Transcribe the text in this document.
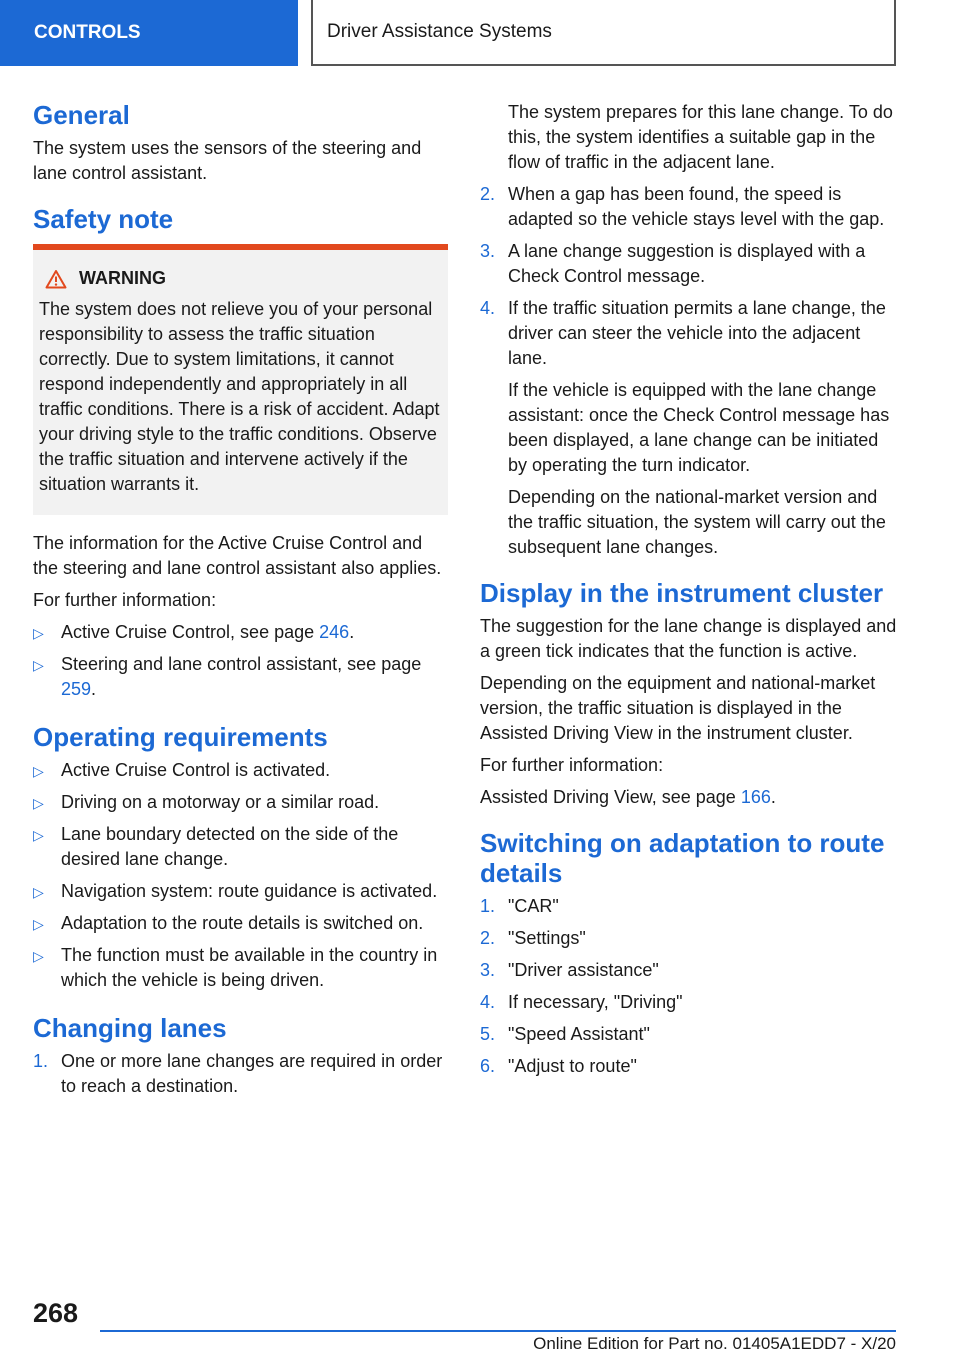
CONTROLS	Driver Assistance Systems
General

The system uses the sensors of the steering and lane control assistant.

Safety note
WARNING

The system does not relieve you of your personal responsibility to assess the traffic situation correctly. Due to system limitations, it cannot respond independently and appropriately in all traffic conditions. There is a risk of accident. Adapt your driving style to the traffic conditions. Observe the traffic situation and intervene actively if the situation warrants it.

The information for the Active Cruise Control and the steering and lane control assistant also applies.

For further information:

▷ Active Cruise Control, see page 246.
▷ Steering and lane control assistant, see page 259.
Operating requirements
▷ Active Cruise Control is activated.
▷ Driving on a motorway or a similar road.
▷ Lane boundary detected on the side of the desired lane change.
▷ Navigation system: route guidance is activated.
▷ Adaptation to the route details is switched on.
▷ The function must be available in the country in which the vehicle is being driven.
Changing lanes
1. One or more lane changes are required in order to reach a destination.

The system prepares for this lane change. To do this, the system identifies a suitable gap in the flow of traffic in the adjacent lane.

2. When a gap has been found, the speed is adapted so the vehicle stays level with the gap.
3. A lane change suggestion is displayed with a Check Control message.
4. If the traffic situation permits a lane change, the driver can steer the vehicle into the adjacent lane.

If the vehicle is equipped with the lane change assistant: once the Check Control message has been displayed, a lane change can be initiated by operating the turn indicator.

Depending on the national-market version and the traffic situation, the system will carry out the subsequent lane changes.

Display in the instrument cluster

The suggestion for the lane change is displayed and a green tick indicates that the function is active.

Depending on the equipment and national-market version, the traffic situation is displayed in the Assisted Driving View in the instrument cluster.

For further information:

Assisted Driving View, see page 166.

Switching on adaptation to route details
1. "CAR"
2. "Settings"
3. "Driver assistance"
4. If necessary, "Driving"
5. "Speed Assistant"
6. "Adjust to route"
268
Online Edition for Part no. 01405A1EDD7 - X/20
